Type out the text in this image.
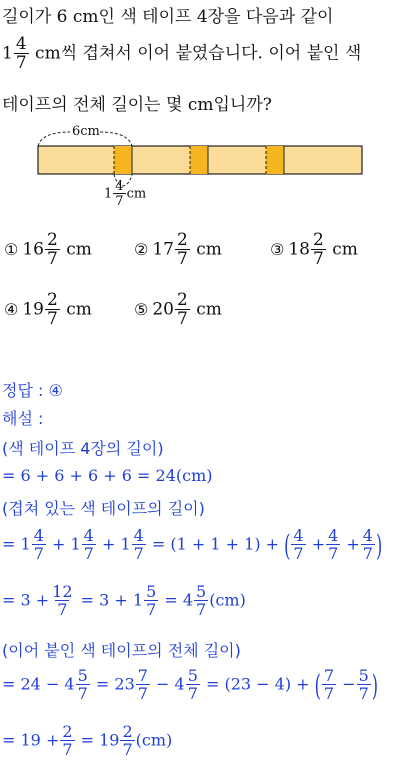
길이가 6 cm인 색 테이프 4장을 다음과 같이
$1 \frac{4}{7}$ cm씩 겹쳐서 이어 붙였습니다. 이어 붙인 색
테이프의 전체 길이는 몇 cm입니까?
6cm
$1 \frac{4}{7}$ cm
① $16 \frac{2}{7}$ cm	② $17 \frac{2}{7}$ cm	③ $18 \frac{2}{7}$ cm
④ $19 \frac{2}{7}$ cm	⑤ $20 \frac{2}{7}$ cm
정답 : ④
해설 :
(색 테이프 4장의 길이)
= 6 + 6 + 6 + 6 = 24(cm)
(겹쳐 있는 색 테이프의 길이)
= $1 \frac{4}{7} + 1 \frac{4}{7} + 1 \frac{4}{7} = (1 + 1 + 1)$ + ( $\frac{4}{7} + \frac{4}{7} + \frac{4}{7}$ )
= $3 + \frac{12}{7} = 3 + 1 \frac{5}{7} = 4 \frac{5}{7} (cm)$
(이어 붙인 색 테이프의 전체 길이)
= $24 - 4 \frac{5}{7} = 23 \frac{7}{7} - 4 \frac{5}{7} = (23 - 4)$ + ( $\frac{7}{7} - \frac{5}{7}$ )
= $19 + \frac{2}{7} = 19 \frac{2}{7} (cm)$
